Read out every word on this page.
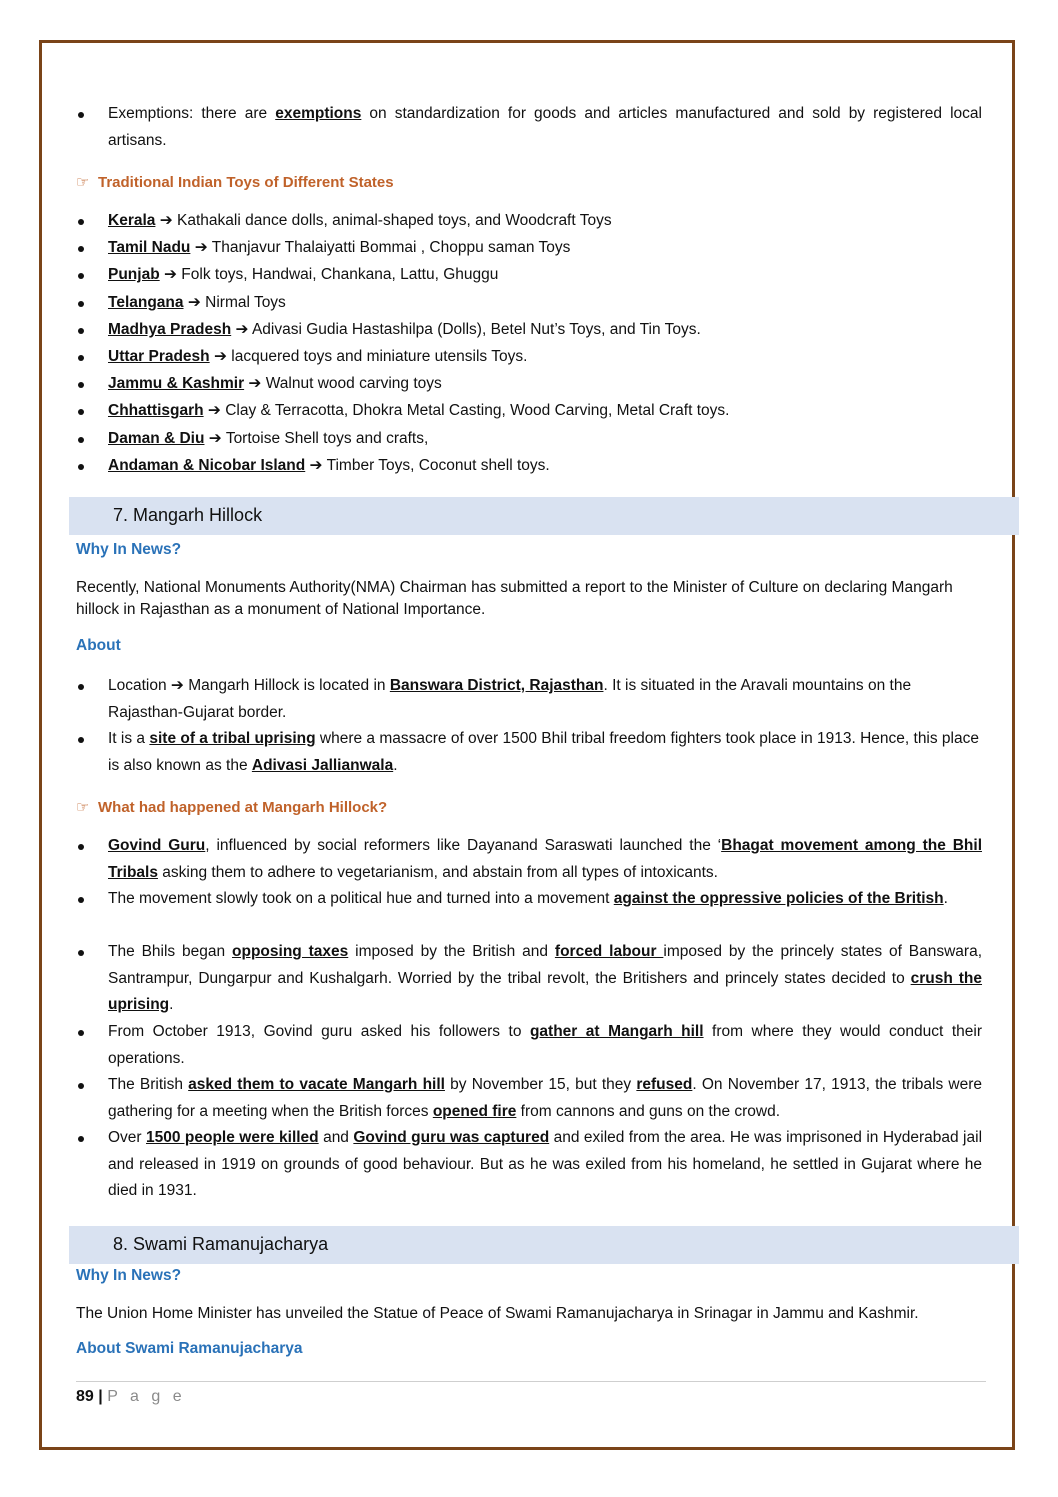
Exemptions: there are exemptions on standardization for goods and articles manufactured and sold by registered local artisans.
☞ Traditional Indian Toys of Different States
Kerala ➔ Kathakali dance dolls, animal-shaped toys, and Woodcraft Toys
Tamil Nadu ➔ Thanjavur Thalaiyatti Bommai , Choppu saman Toys
Punjab ➔ Folk toys, Handwai, Chankana, Lattu, Ghuggu
Telangana ➔ Nirmal Toys
Madhya Pradesh ➔ Adivasi Gudia Hastashilpa (Dolls), Betel Nut’s Toys, and Tin Toys.
Uttar Pradesh ➔ lacquered toys and miniature utensils Toys.
Jammu & Kashmir ➔ Walnut wood carving toys
Chhattisgarh ➔ Clay & Terracotta, Dhokra Metal Casting, Wood Carving, Metal Craft toys.
Daman & Diu ➔ Tortoise Shell toys and crafts,
Andaman & Nicobar Island ➔ Timber Toys, Coconut shell toys.
7. Mangarh Hillock
Why In News?
Recently, National Monuments Authority(NMA) Chairman has submitted a report to the Minister of Culture on declaring Mangarh hillock in Rajasthan as a monument of National Importance.
About
Location ➔ Mangarh Hillock is located in Banswara District, Rajasthan. It is situated in the Aravali mountains on the Rajasthan-Gujarat border.
It is a site of a tribal uprising where a massacre of over 1500 Bhil tribal freedom fighters took place in 1913. Hence, this place is also known as the Adivasi Jallianwala.
☞ What had happened at Mangarh Hillock?
Govind Guru, influenced by social reformers like Dayanand Saraswati launched the ‘Bhagat movement among the Bhil Tribals asking them to adhere to vegetarianism, and abstain from all types of intoxicants.
The movement slowly took on a political hue and turned into a movement against the oppressive policies of the British.
The Bhils began opposing taxes imposed by the British and forced labour imposed by the princely states of Banswara, Santrampur, Dungarpur and Kushalgarh. Worried by the tribal revolt, the Britishers and princely states decided to crush the uprising.
From October 1913, Govind guru asked his followers to gather at Mangarh hill from where they would conduct their operations.
The British asked them to vacate Mangarh hill by November 15, but they refused. On November 17, 1913, the tribals were gathering for a meeting when the British forces opened fire from cannons and guns on the crowd.
Over 1500 people were killed and Govind guru was captured and exiled from the area. He was imprisoned in Hyderabad jail and released in 1919 on grounds of good behaviour. But as he was exiled from his homeland, he settled in Gujarat where he died in 1931.
8. Swami Ramanujacharya
Why In News?
The Union Home Minister has unveiled the Statue of Peace of Swami Ramanujacharya in Srinagar in Jammu and Kashmir.
About Swami Ramanujacharya
89 | P a g e
